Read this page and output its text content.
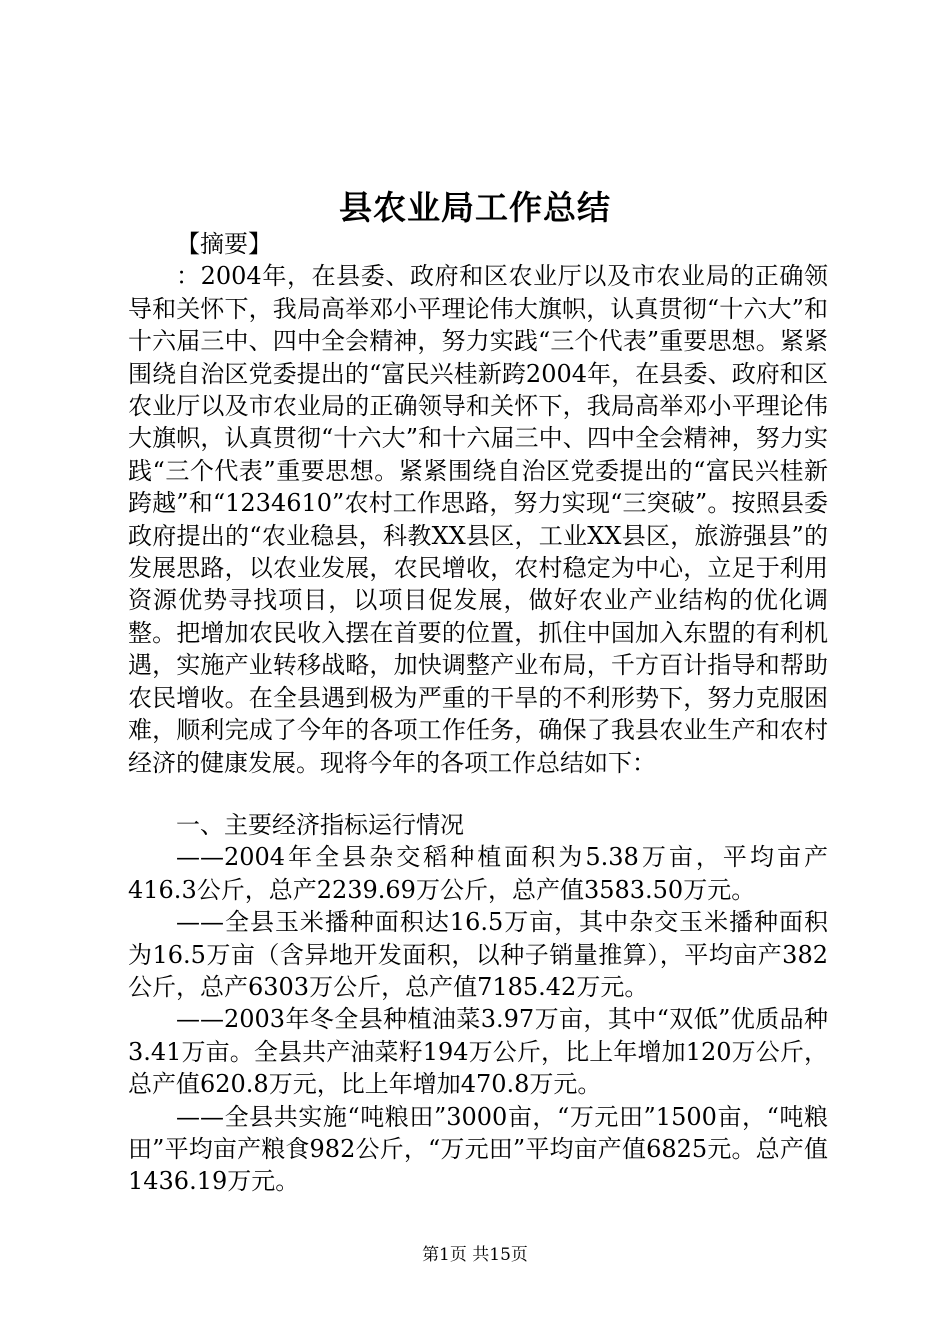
县农业局工作总结

【摘要】

：2004年，在县委、政府和区农业厅以及市农业局的正确领导和关怀下，我局高举邓小平理论伟大旗帜，认真贯彻“十六大”和十六届三中、四中全会精神，努力实践“三个代表”重要思想。紧紧围绕自治区党委提出的“富民兴桂新跨2004年，在县委、政府和区农业厅以及市农业局的正确领导和关怀下，我局高举邓小平理论伟大旗帜，认真贯彻“十六大”和十六届三中、四中全会精神，努力实践“三个代表”重要思想。紧紧围绕自治区党委提出的“富民兴桂新跨越”和“1234610”农村工作思路，努力实现“三突破”。按照县委政府提出的“农业稳县，科教XX县区，工业XX县区，旅游强县”的发展思路，以农业发展，农民增收，农村稳定为中心，立足于利用资源优势寻找项目，以项目促发展，做好农业产业结构的优化调整。把增加农民收入摆在首要的位置，抓住中国加入东盟的有利机遇，实施产业转移战略，加快调整产业布局，千方百计指导和帮助农民增收。在全县遇到极为严重的干旱的不利形势下，努力克服困难，顺利完成了今年的各项工作任务，确保了我县农业生产和农村经济的健康发展。现将今年的各项工作总结如下：

一、主要经济指标运行情况

——2004年全县杂交稻种植面积为5.38万亩，平均亩产416.3公斤，总产2239.69万公斤，总产值3583.50万元。

——全县玉米播种面积达16.5万亩，其中杂交玉米播种面积为16.5万亩（含异地开发面积，以种子销量推算），平均亩产382公斤，总产6303万公斤，总产值7185.42万元。

——2003年冬全县种植油菜3.97万亩，其中“双低”优质品种3.41万亩。全县共产油菜籽194万公斤，比上年增加120万公斤，总产值620.8万元，比上年增加470.8万元。

——全县共实施“吨粮田”3000亩，“万元田”1500亩，“吨粮田”平均亩产粮食982公斤，“万元田”平均亩产值6825元。总产值1436.19万元。

第1页 共15页
